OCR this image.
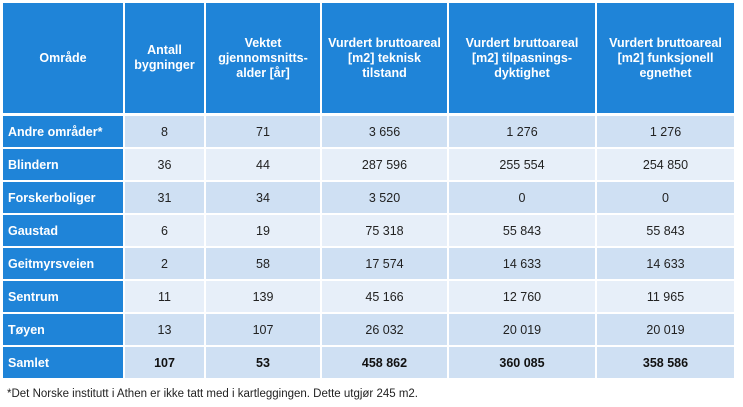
Område	Antall bygninger	Vektet gjennomsnitts-alder [år]	Vurdert bruttoareal [m2] teknisk tilstand	Vurdert bruttoareal [m2] tilpasnings-dyktighet	Vurdert bruttoareal [m2] funksjonell egnethet
Andre områder*	8	71	3 656	1 276	1 276
Blindern	36	44	287 596	255 554	254 850
Forskerboliger	31	34	3 520	0	0
Gaustad	6	19	75 318	55 843	55 843
Geitmyrsveien	2	58	17 574	14 633	14 633
Sentrum	11	139	45 166	12 760	11 965
Tøyen	13	107	26 032	20 019	20 019
Samlet	107	53	458 862	360 085	358 586
*Det Norske institutt i Athen er ikke tatt med i kartleggingen. Dette utgjør 245 m2.
